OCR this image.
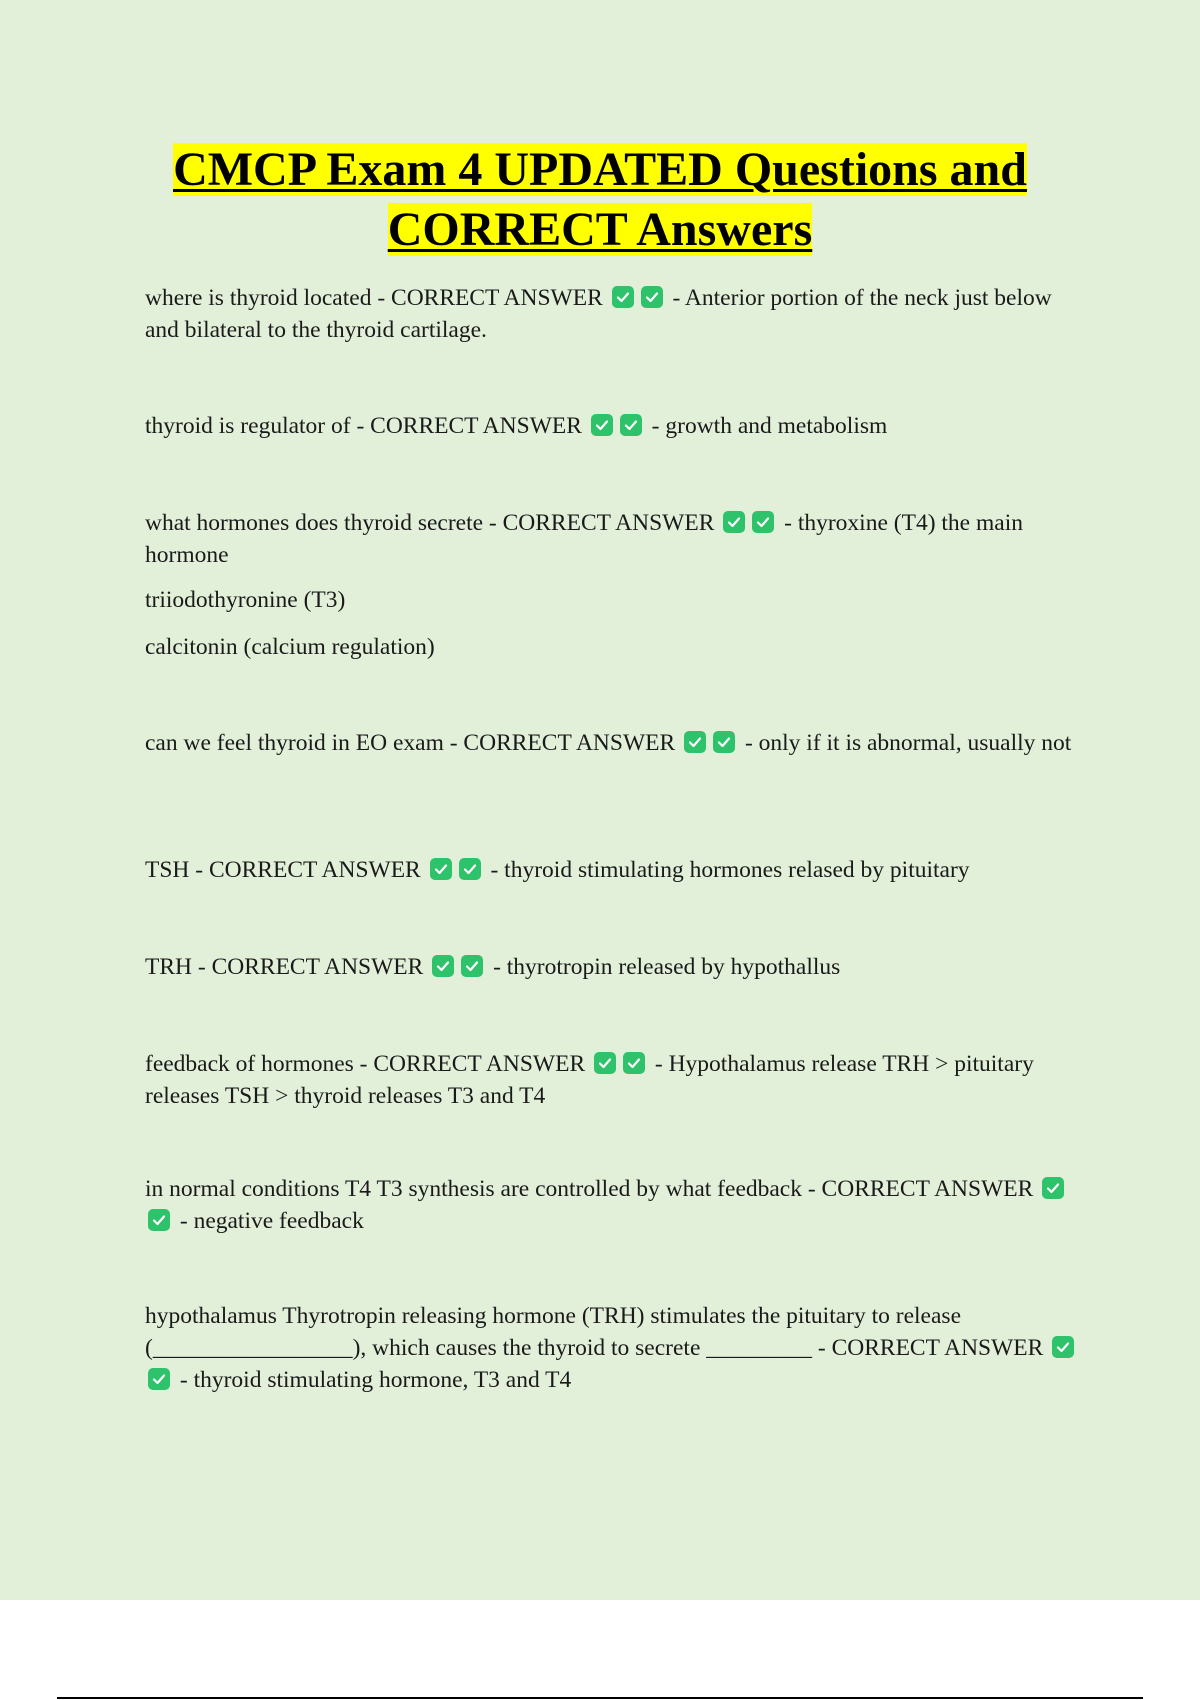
CMCP Exam 4 UPDATED Questions and
CORRECT Answers

where is thyroid located - CORRECT ANSWER	- Anterior portion of the neck just below and bilateral to the thyroid cartilage.

thyroid is regulator of - CORRECT ANSWER	- growth and metabolism

what hormones does thyroid secrete - CORRECT ANSWER	- thyroxine (T4) the main hormone

triiodothyronine (T3)

calcitonin (calcium regulation)

can we feel thyroid in EO exam - CORRECT ANSWER	- only if it is abnormal, usually not

TSH - CORRECT ANSWER	- thyroid stimulating hormones relased by pituitary

TRH - CORRECT ANSWER	- thyrotropin released by hypothallus

feedback of hormones - CORRECT ANSWER	- Hypothalamus release TRH > pituitary releases TSH > thyroid releases T3 and T4

in normal conditions T4 T3 synthesis are controlled by what feedback - CORRECT ANSWER
- negative feedback

hypothalamus Thyrotropin releasing hormone (TRH) stimulates the pituitary to release (_________________), which causes the thyroid to secrete _________ - CORRECT ANSWER
- thyroid stimulating hormone, T3 and T4
